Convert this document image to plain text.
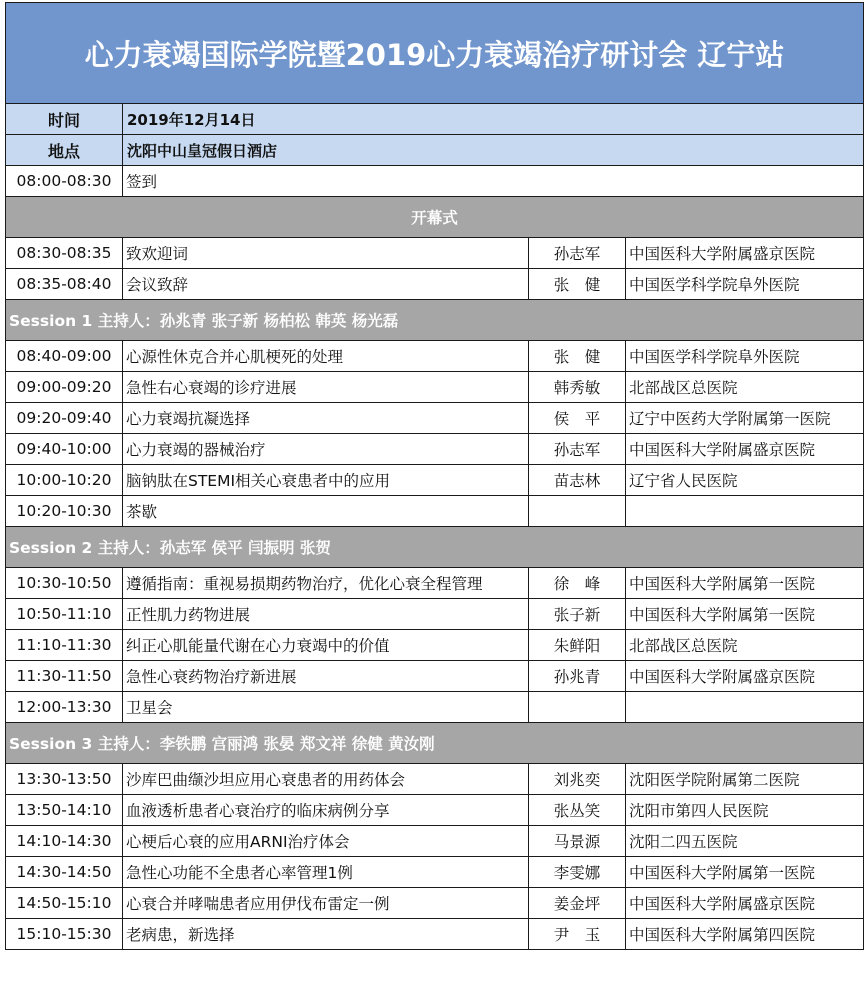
心力衰竭国际学院暨2019心力衰竭治疗研讨会 辽宁站			
时间	2019年12月14日		
地点	沈阳中山皇冠假日酒店		
08:00-08:30	签到		
开幕式			
08:30-08:35	致欢迎词	孙志军	中国医科大学附属盛京医院
08:35-08:40	会议致辞	张　健	中国医学科学院阜外医院
Session 1 主持人：孙兆青 张子新 杨柏松 韩英 杨光磊			
08:40-09:00	心源性休克合并心肌梗死的处理	张　健	中国医学科学院阜外医院
09:00-09:20	急性右心衰竭的诊疗进展	韩秀敏	北部战区总医院
09:20-09:40	心力衰竭抗凝选择	侯　平	辽宁中医药大学附属第一医院
09:40-10:00	心力衰竭的器械治疗	孙志军	中国医科大学附属盛京医院
10:00-10:20	脑钠肽在STEMI相关心衰患者中的应用	苗志林	辽宁省人民医院
10:20-10:30	茶歇		
Session 2 主持人：孙志军 侯平 闫振明 张贺			
10:30-10:50	遵循指南：重视易损期药物治疗，优化心衰全程管理	徐　峰	中国医科大学附属第一医院
10:50-11:10	正性肌力药物进展	张子新	中国医科大学附属第一医院
11:10-11:30	纠正心肌能量代谢在心力衰竭中的价值	朱鲜阳	北部战区总医院
11:30-11:50	急性心衰药物治疗新进展	孙兆青	中国医科大学附属盛京医院
12:00-13:30	卫星会		
Session 3 主持人：李铁鹏 宫丽鸿 张晏 郑文祥 徐健 黄汝刚			
13:30-13:50	沙库巴曲缬沙坦应用心衰患者的用药体会	刘兆奕	沈阳医学院附属第二医院
13:50-14:10	血液透析患者心衰治疗的临床病例分享	张丛笑	沈阳市第四人民医院
14:10-14:30	心梗后心衰的应用ARNI治疗体会	马景源	沈阳二四五医院
14:30-14:50	急性心功能不全患者心率管理1例	李雯娜	中国医科大学附属第一医院
14:50-15:10	心衰合并哮喘患者应用伊伐布雷定一例	姜金坪	中国医科大学附属盛京医院
15:10-15:30	老病患，新选择	尹　玉	中国医科大学附属第四医院
